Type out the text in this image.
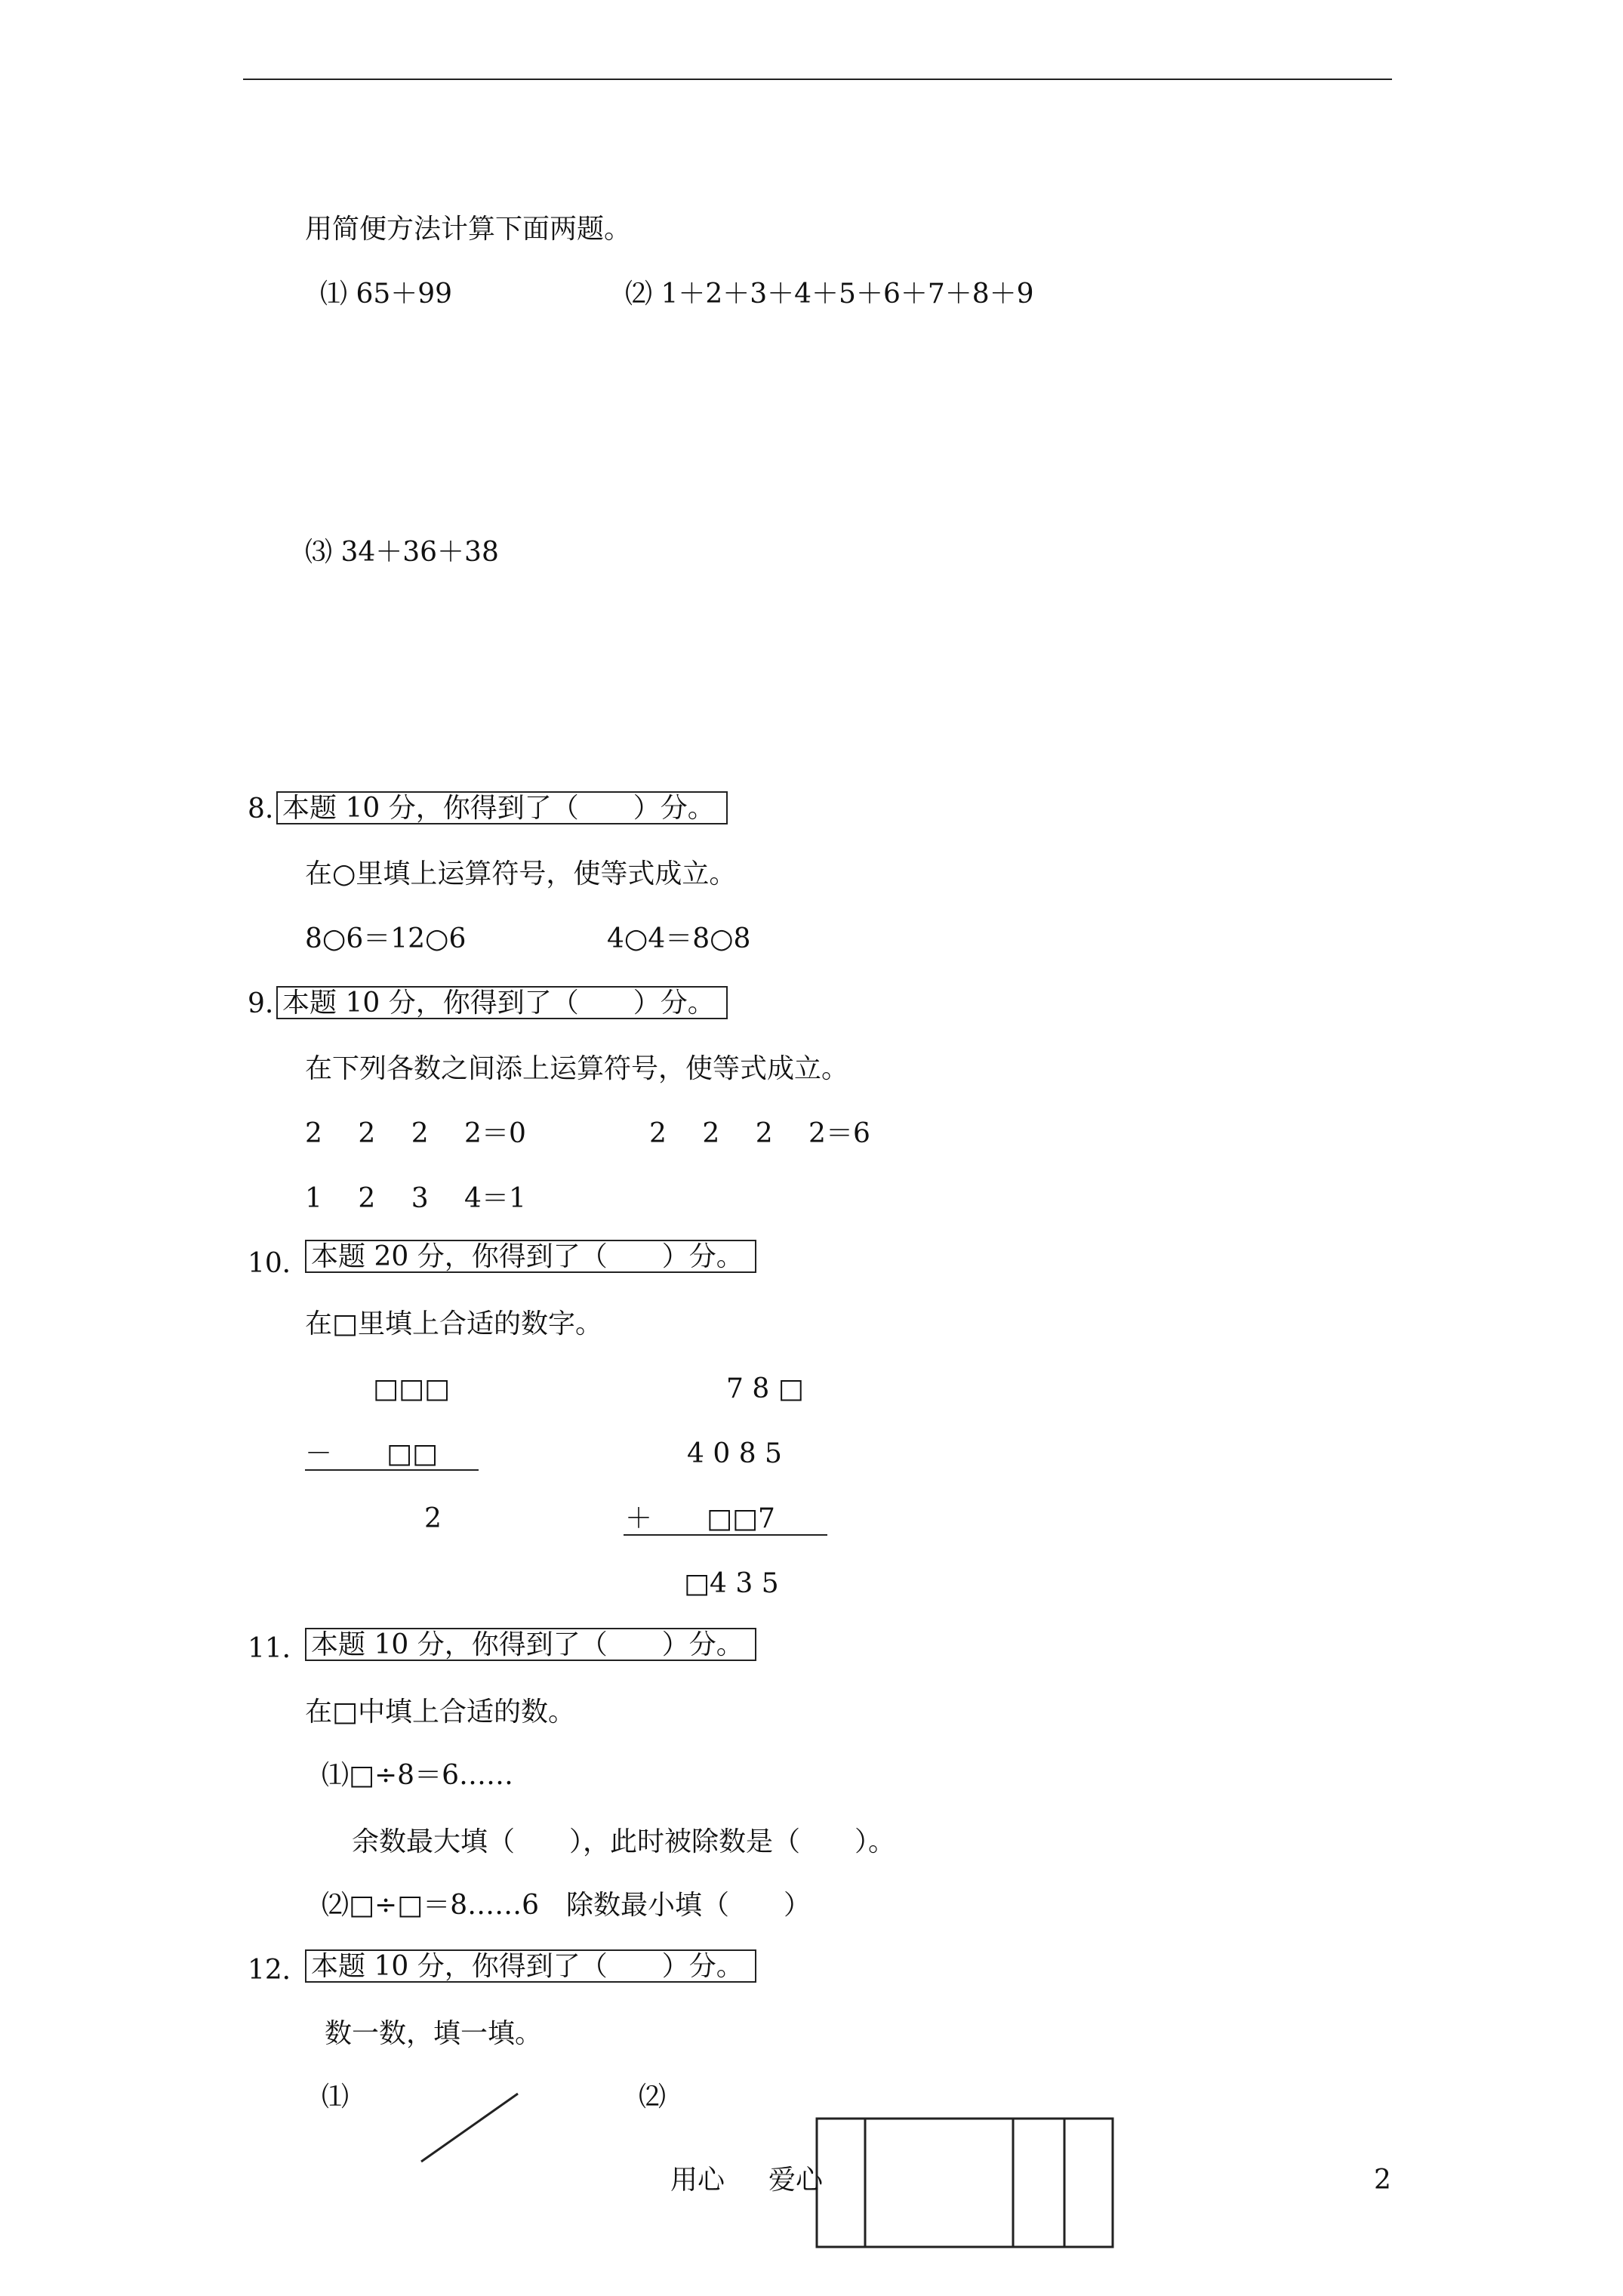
用简便方法计算下面两题。
⑴ 65＋99	⑵ 1＋2＋3＋4＋5＋6＋7＋8＋9
⑶ 34＋36＋38
8. 本题 10 分，你得到了（　　）分。
在○里填上运算符号，使等式成立。
8○6＝12○6	4○4＝8○8
9. 本题 10 分，你得到了（　　）分。
在下列各数之间添上运算符号，使等式成立。
2　 2　 2　 2＝0	2　 2　 2　 2＝6
1　 2　 3　 4＝1
10． 本题 20 分，你得到了（　　）分。
在□里填上合适的数字。
□□□
－　　□□
2
7 8 □
4 0 8 5
＋　　□□7
□4 3 5
11． 本题 10 分，你得到了（　　）分。
在□中填上合适的数。
⑴□÷8＝6……
余数最大填（　　），此时被除数是（　　）。
⑵□÷□＝8……6　除数最小填（　　）
12． 本题 10 分，你得到了（　　）分。
数一数，填一填。
⑴	⑵
用心 爱心	2
